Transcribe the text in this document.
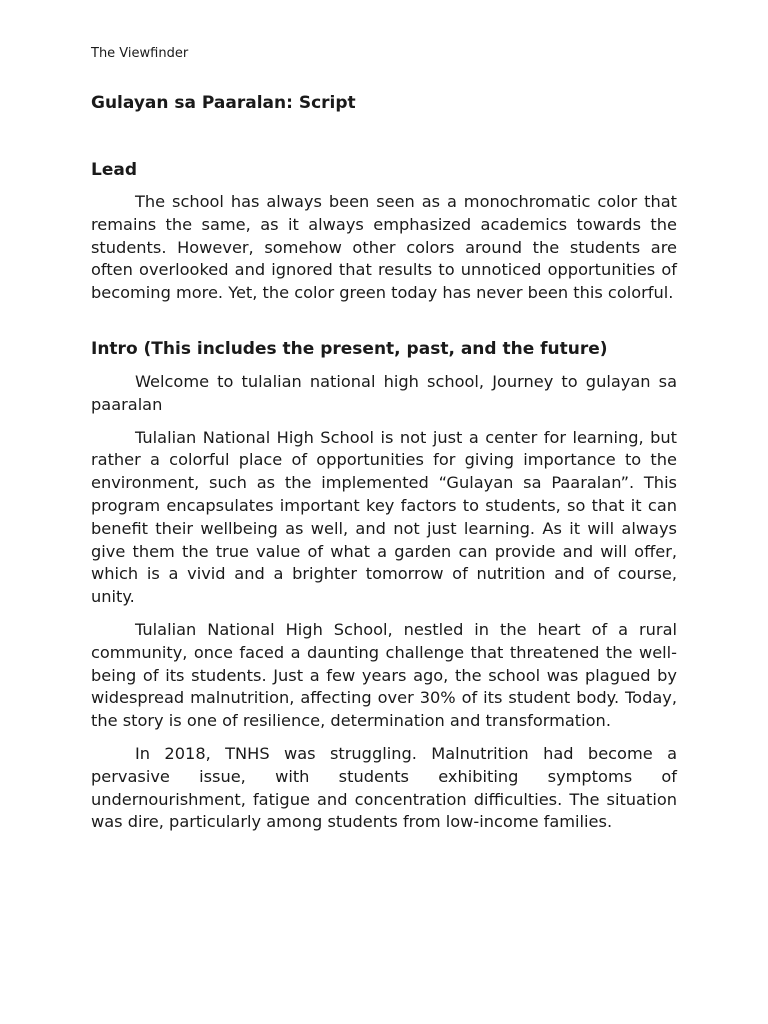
The Viewfinder
Gulayan sa Paaralan: Script
Lead

The school has always been seen as a monochromatic color that remains the same, as it always emphasized academics towards the students. However, somehow other colors around the students are often overlooked and ignored that results to unnoticed opportunities of becoming more. Yet, the color green today has never been this colorful.

Intro (This includes the present, past, and the future)

Welcome to tulalian national high school, Journey to gulayan sa paaralan

Tulalian National High School is not just a center for learning, but rather a colorful place of opportunities for giving importance to the environment, such as the implemented “Gulayan sa Paaralan”. This program encapsulates important key factors to students, so that it can benefit their wellbeing as well, and not just learning. As it will always give them the true value of what a garden can provide and will offer, which is a vivid and a brighter tomorrow of nutrition and of course, unity.

Tulalian National High School, nestled in the heart of a rural community, once faced a daunting challenge that threatened the well-being of its students. Just a few years ago, the school was plagued by widespread malnutrition, affecting over 30% of its student body. Today, the story is one of resilience, determination and transformation.

In 2018, TNHS was struggling. Malnutrition had become a pervasive issue, with students exhibiting symptoms of undernourishment, fatigue and concentration difficulties. The situation was dire, particularly among students from low-income families.
